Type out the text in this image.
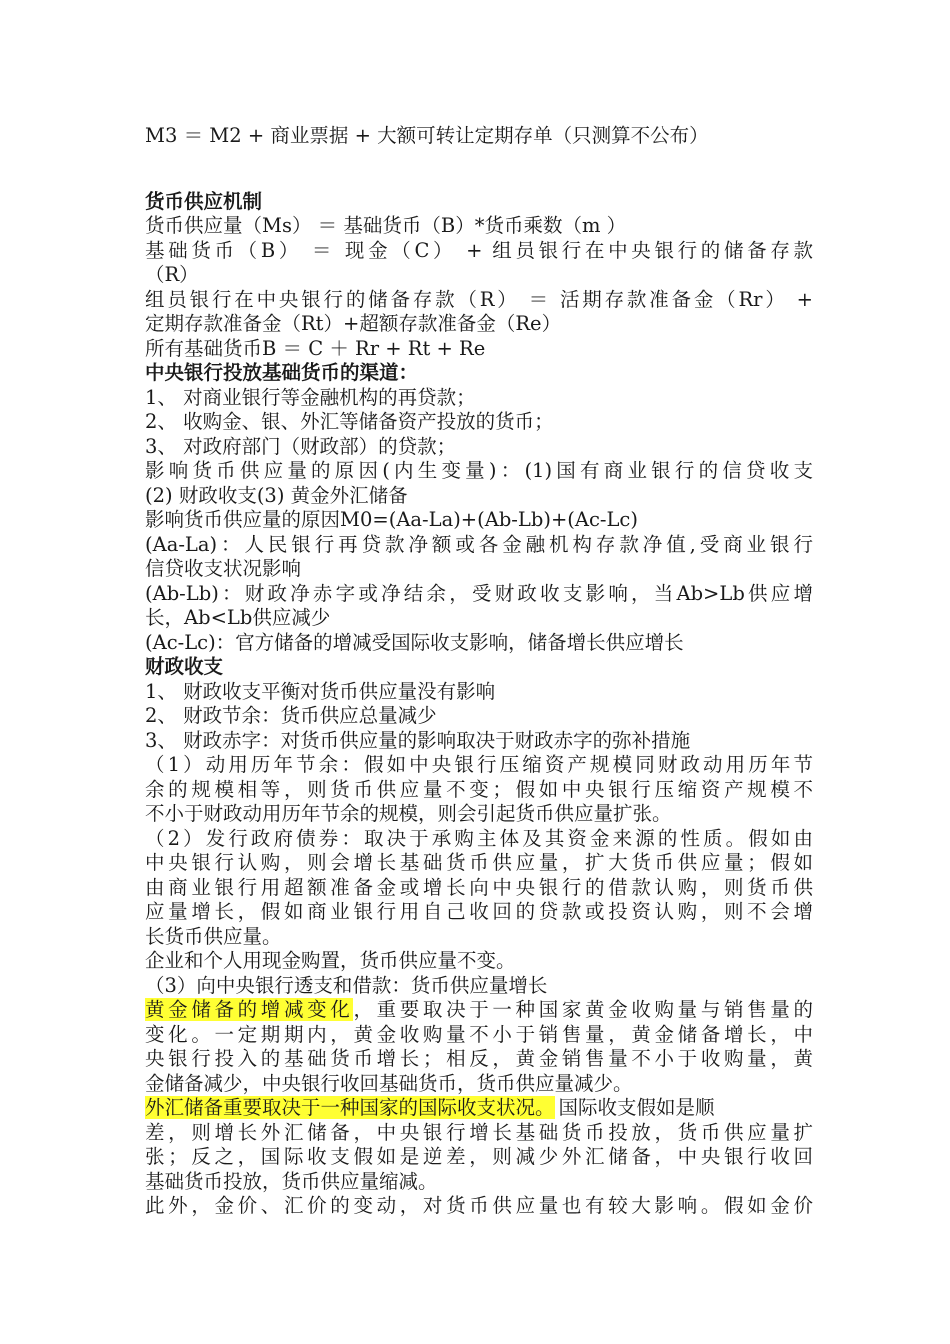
M3 ＝ M2 + 商业票据 + 大额可转让定期存单（只测算不公布）
货币供应机制
货币供应量（Ms） ＝ 基础货币（B）*货币乘数（m ）
基础货币（B） ＝ 现金（C） + 组员银行在中央银行的储备存款
（R）
组员银行在中央银行的储备存款（R） ＝ 活期存款准备金（Rr） +
定期存款准备金（Rt）+超额存款准备金（Re）
所有基础货币B ＝ C ＋ Rr + Rt + Re
中央银行投放基础货币的渠道：
1、 对商业银行等金融机构的再贷款；
2、 收购金、银、外汇等储备资产投放的货币；
3、 对政府部门（财政部）的贷款；
影响货币供应量的原因(内生变量)：(1)国有商业银行的信贷收支
(2) 财政收支(3) 黄金外汇储备
影响货币供应量的原因M0=(Aa-La)+(Ab-Lb)+(Ac-Lc)
(Aa-La)：人民银行再贷款净额或各金融机构存款净值,受商业银行
信贷收支状况影响
(Ab-Lb)：财政净赤字或净结余，受财政收支影响，当Ab>Lb供应增
长，Ab<Lb供应减少
(Ac-Lc)：官方储备的增减受国际收支影响，储备增长供应增长
财政收支
1、 财政收支平衡对货币供应量没有影响
2、 财政节余：货币供应总量减少
3、 财政赤字：对货币供应量的影响取决于财政赤字的弥补措施
（1）动用历年节余：假如中央银行压缩资产规模同财政动用历年节
余的规模相等，则货币供应量不变；假如中央银行压缩资产规模不
不小于财政动用历年节余的规模，则会引起货币供应量扩张。
（2）发行政府债券：取决于承购主体及其资金来源的性质。假如由
中央银行认购，则会增长基础货币供应量，扩大货币供应量；假如
由商业银行用超额准备金或增长向中央银行的借款认购，则货币供
应量增长，假如商业银行用自己收回的贷款或投资认购，则不会增
长货币供应量。
企业和个人用现金购置，货币供应量不变。
（3）向中央银行透支和借款：货币供应量增长
黄金储备的增减变化，重要取决于一种国家黄金收购量与销售量的
变化。一定期期内，黄金收购量不小于销售量，黄金储备增长，中
央银行投入的基础货币增长；相反，黄金销售量不小于收购量，黄
金储备减少，中央银行收回基础货币，货币供应量减少。
外汇储备重要取决于一种国家的国际收支状况。 国际收支假如是顺
差，则增长外汇储备，中央银行增长基础货币投放，货币供应量扩
张；反之，国际收支假如是逆差，则减少外汇储备，中央银行收回
基础货币投放，货币供应量缩减。
此外，金价、汇价的变动，对货币供应量也有较大影响。假如金价
